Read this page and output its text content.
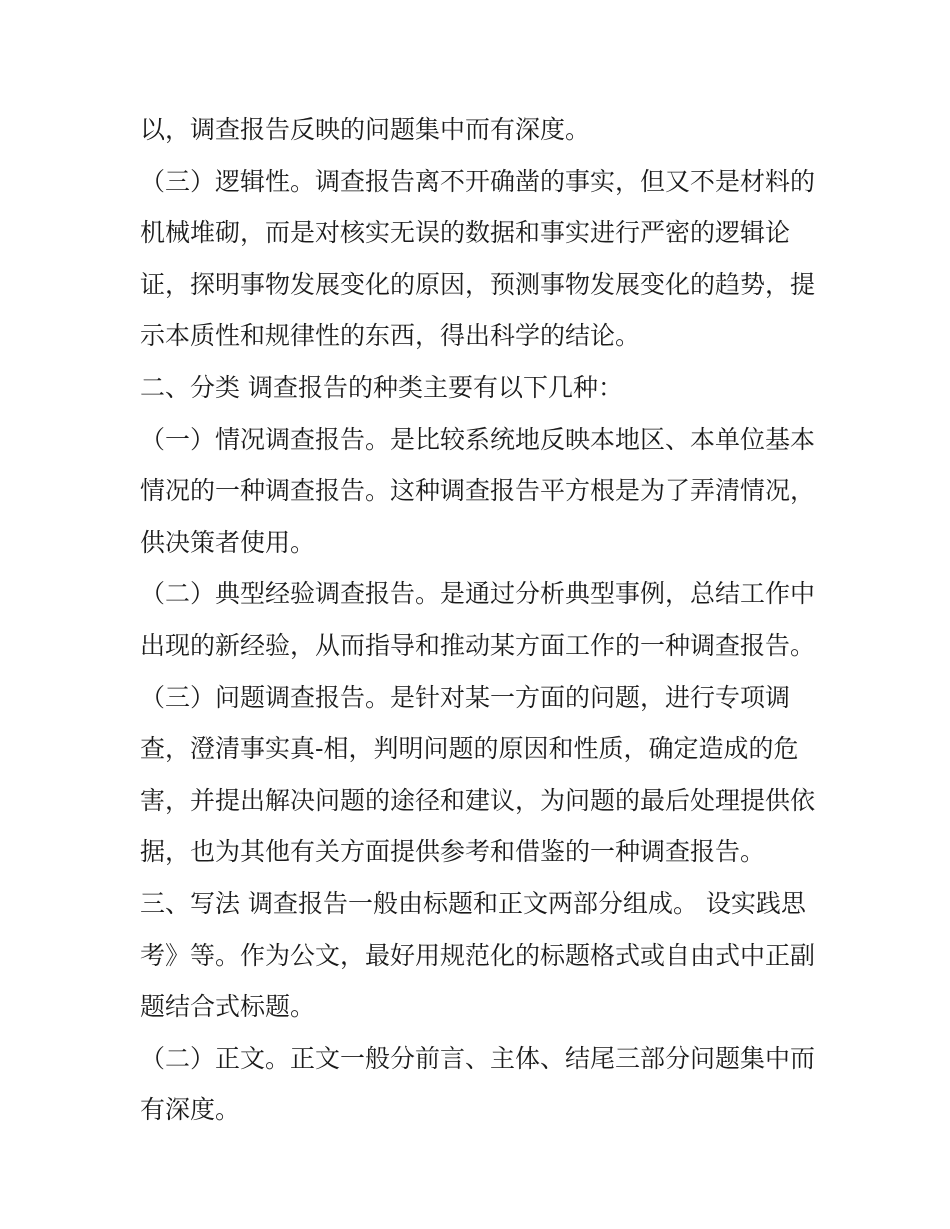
以，调查报告反映的问题集中而有深度。
（三）逻辑性。调查报告离不开确凿的事实，但又不是材料的
机械堆砌，而是对核实无误的数据和事实进行严密的逻辑论
证，探明事物发展变化的原因，预测事物发展变化的趋势，提
示本质性和规律性的东西，得出科学的结论。
二、分类 调查报告的种类主要有以下几种：
（一）情况调查报告。是比较系统地反映本地区、本单位基本
情况的一种调查报告。这种调查报告平方根是为了弄清情况，
供决策者使用。
（二）典型经验调查报告。是通过分析典型事例，总结工作中
出现的新经验，从而指导和推动某方面工作的一种调查报告。
（三）问题调查报告。是针对某一方面的问题，进行专项调
查，澄清事实真-相，判明问题的原因和性质，确定造成的危
害，并提出解决问题的途径和建议，为问题的最后处理提供依
据，也为其他有关方面提供参考和借鉴的一种调查报告。
三、写法 调查报告一般由标题和正文两部分组成。 设实践思
考》等。作为公文，最好用规范化的标题格式或自由式中正副
题结合式标题。
（二）正文。正文一般分前言、主体、结尾三部分问题集中而
有深度。
